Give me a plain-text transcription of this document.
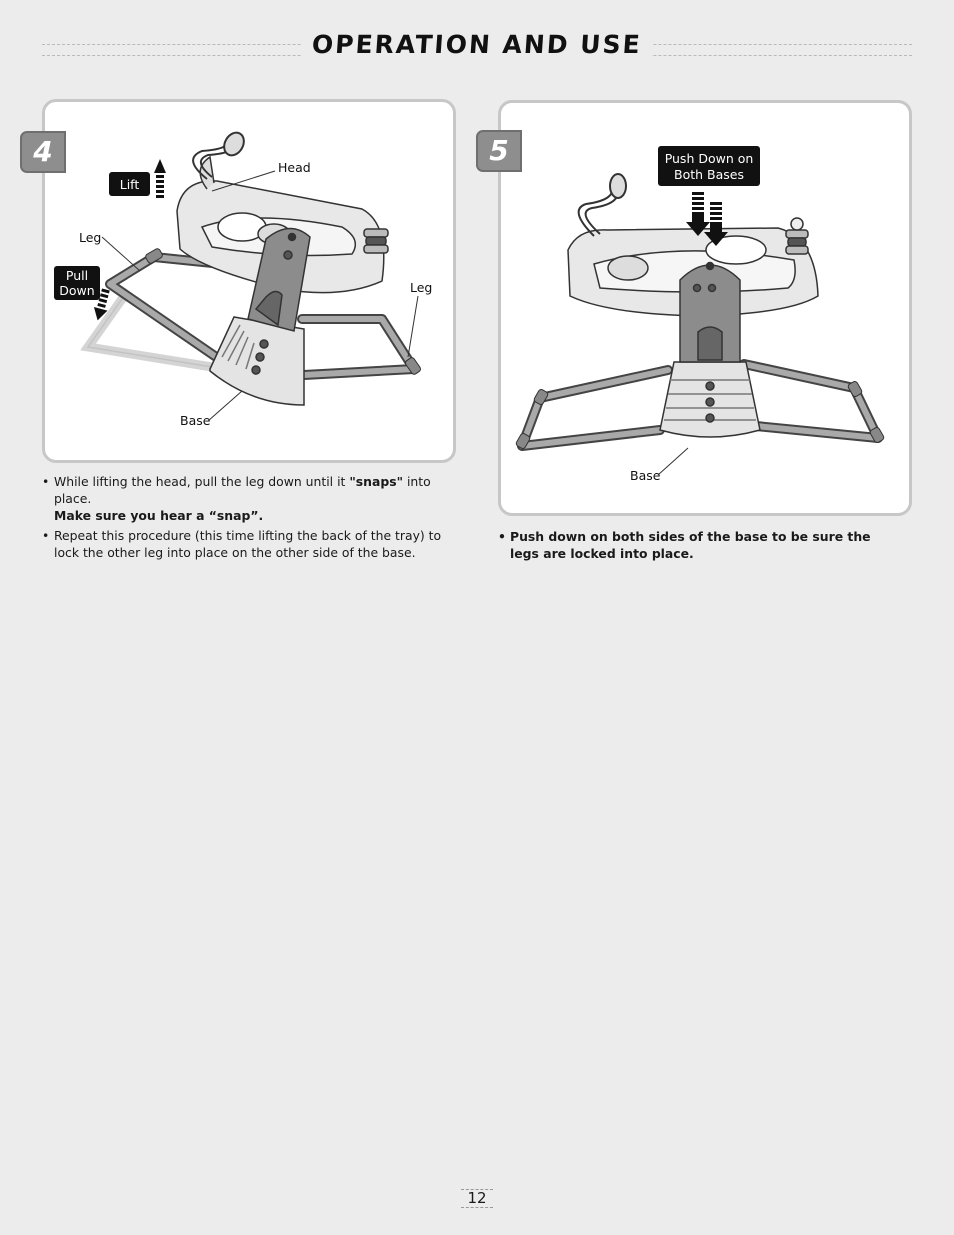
OPERATION AND USE
4
Lift
Head
Leg
Pull
Down	Leg
Base
• While lifting the head, pull the leg down until it "snaps" into place.
Make sure you hear a “snap”.
• Repeat this procedure (this time lifting the back of the tray) to lock the other leg into place on the other side of the base.
5	Push Down on
Both Bases
Base
• Push down on both sides of the base to be sure the legs are locked into place.
12
